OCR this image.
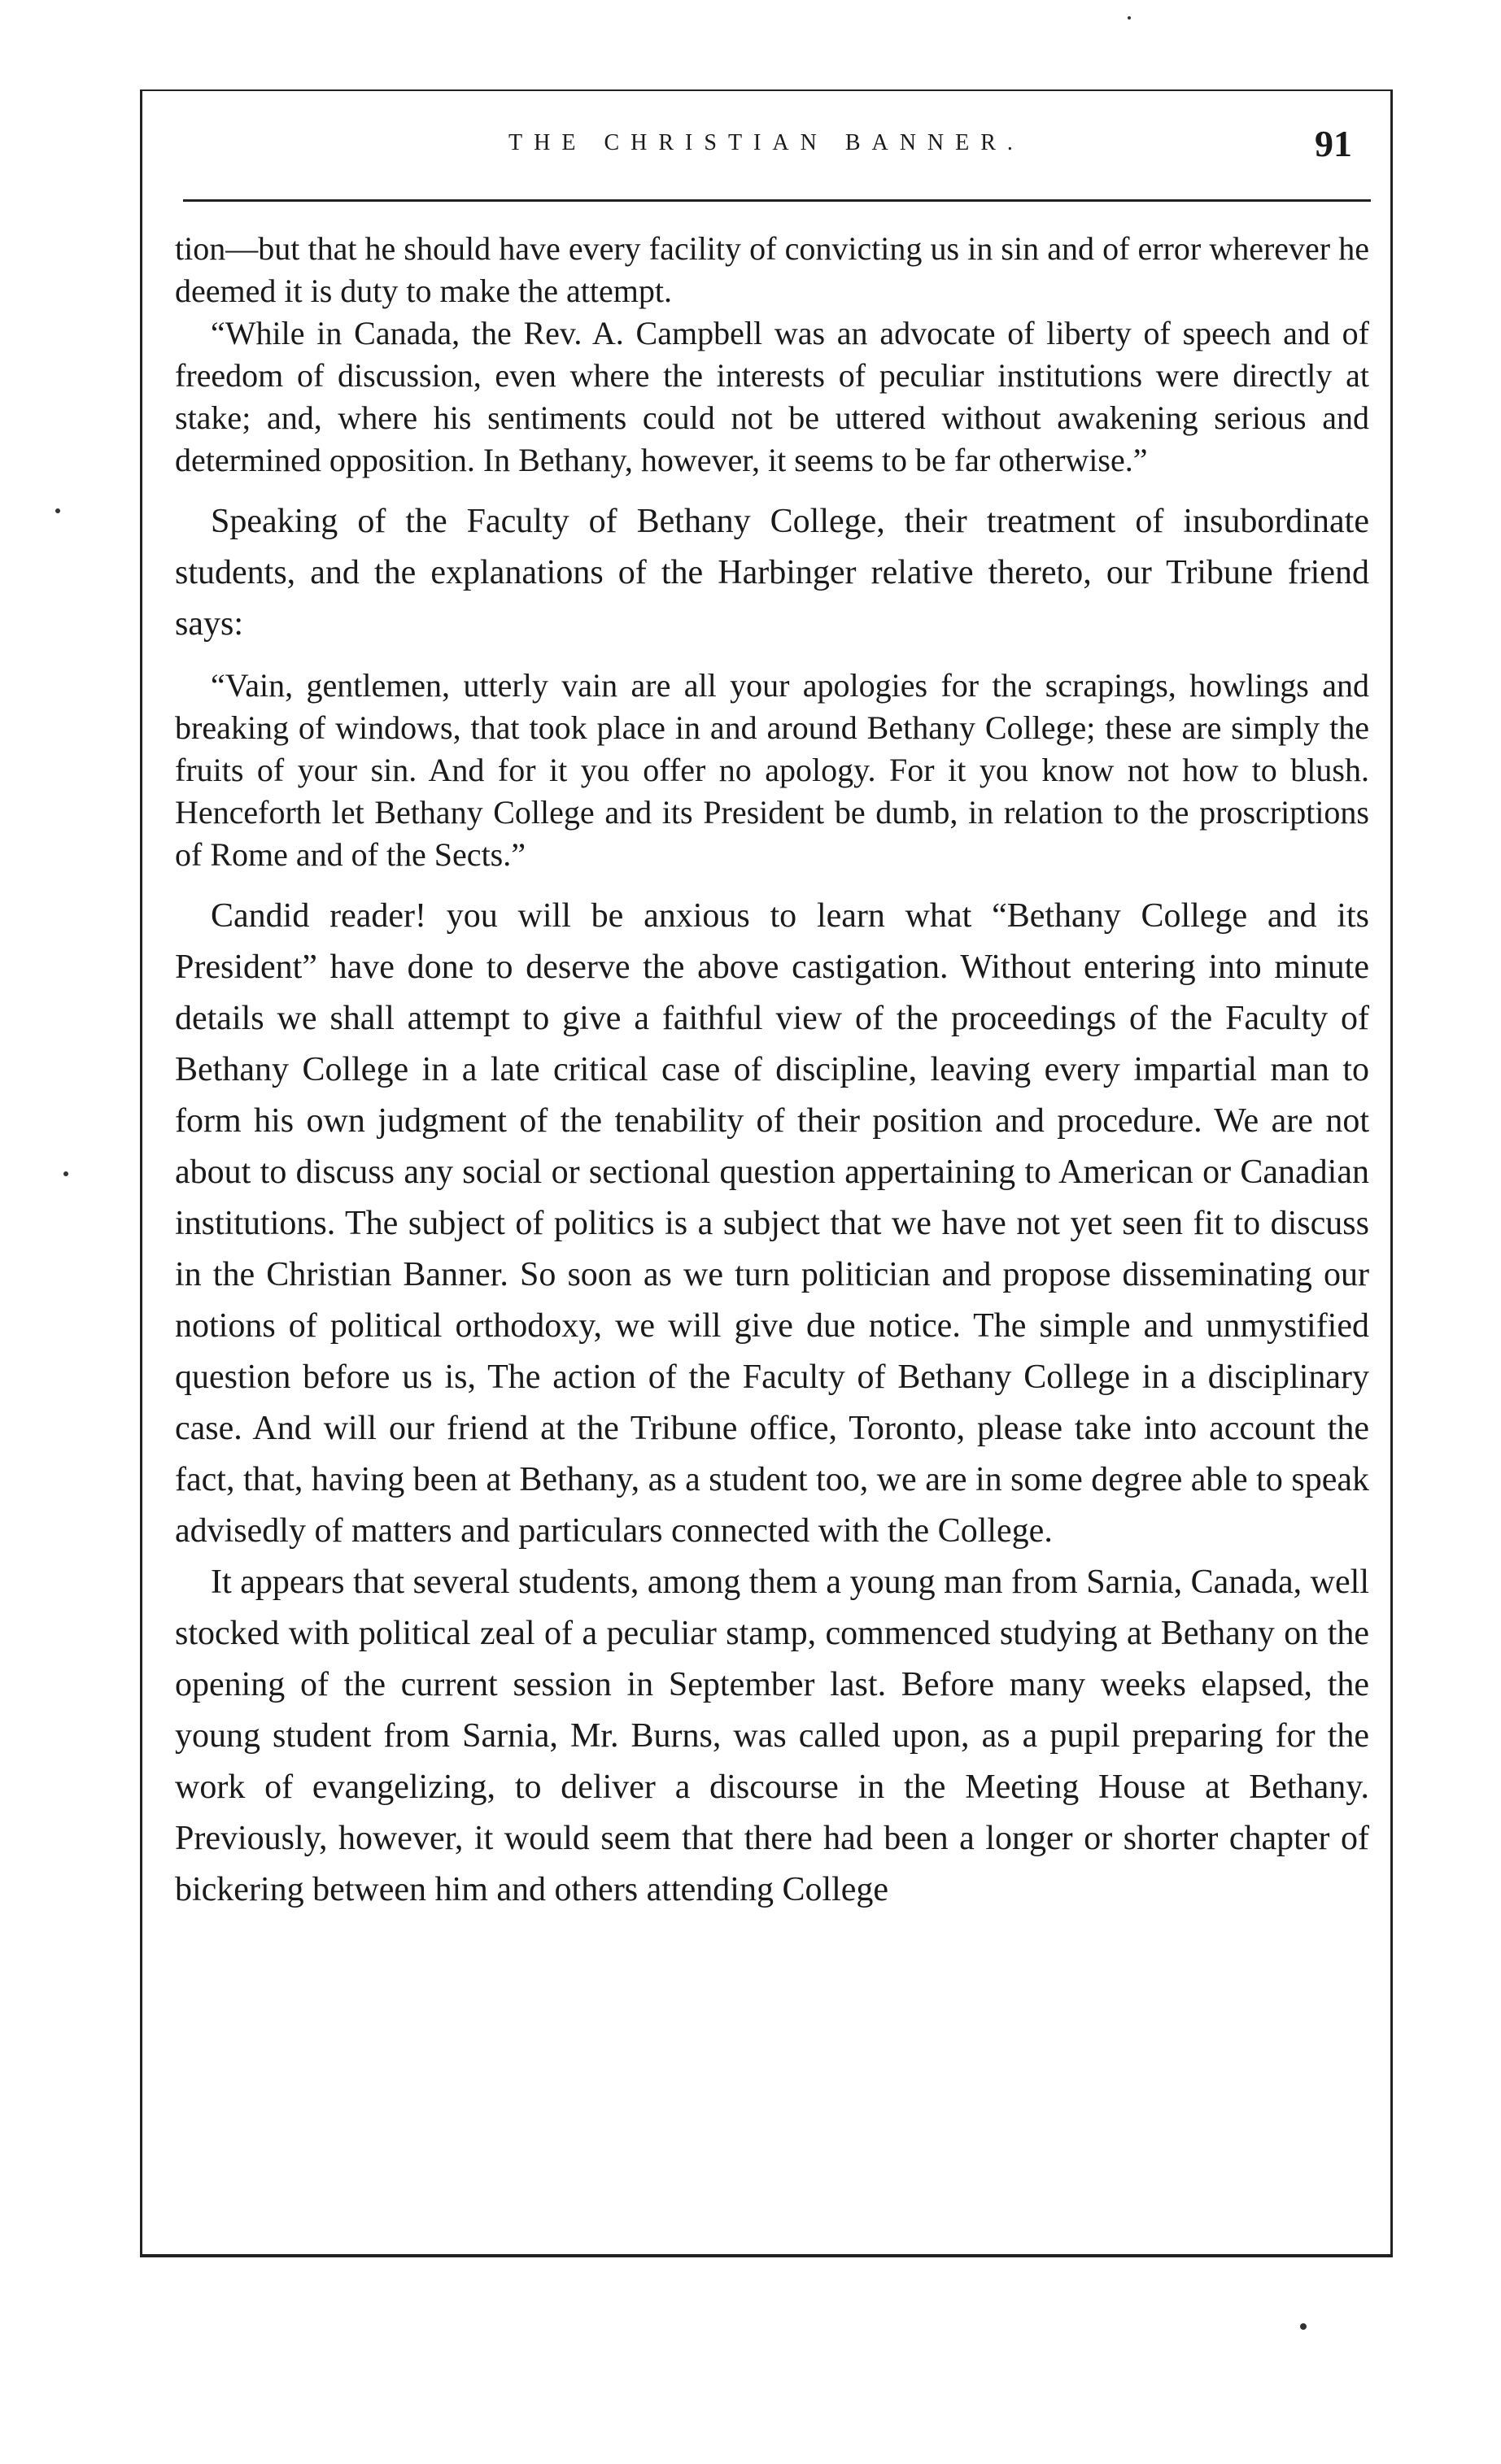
THE CHRISTIAN BANNER.	91

tion—but that he should have every facility of convicting us in sin and of error wherever he deemed it is duty to make the attempt.

“While in Canada, the Rev. A. Campbell was an advocate of liberty of speech and of freedom of discussion, even where the interests of peculiar institutions were directly at stake; and, where his sentiments could not be uttered without awakening serious and determined opposition. In Bethany, however, it seems to be far otherwise.”

Speaking of the Faculty of Bethany College, their treatment of insubordinate students, and the explanations of the Harbinger relative thereto, our Tribune friend says:

“Vain, gentlemen, utterly vain are all your apologies for the scrapings, howlings and breaking of windows, that took place in and around Bethany College; these are simply the fruits of your sin. And for it you offer no apology. For it you know not how to blush. Henceforth let Bethany College and its President be dumb, in relation to the proscriptions of Rome and of the Sects.”

Candid reader! you will be anxious to learn what “Bethany College and its President” have done to deserve the above castigation. Without entering into minute details we shall attempt to give a faithful view of the proceedings of the Faculty of Bethany College in a late critical case of discipline, leaving every impartial man to form his own judgment of the tenability of their position and procedure. We are not about to discuss any social or sectional question appertaining to American or Canadian institutions. The subject of politics is a subject that we have not yet seen fit to discuss in the Christian Banner. So soon as we turn politician and propose disseminating our notions of political orthodoxy, we will give due notice. The simple and unmystified question before us is, The action of the Faculty of Bethany College in a disciplinary case. And will our friend at the Tribune office, Toronto, please take into account the fact, that, having been at Bethany, as a student too, we are in some degree able to speak advisedly of matters and particulars connected with the College.

It appears that several students, among them a young man from Sarnia, Canada, well stocked with political zeal of a peculiar stamp, commenced studying at Bethany on the opening of the current session in September last. Before many weeks elapsed, the young student from Sarnia, Mr. Burns, was called upon, as a pupil preparing for the work of evangelizing, to deliver a discourse in the Meeting House at Bethany. Previously, however, it would seem that there had been a longer or shorter chapter of bickering between him and others attending College
